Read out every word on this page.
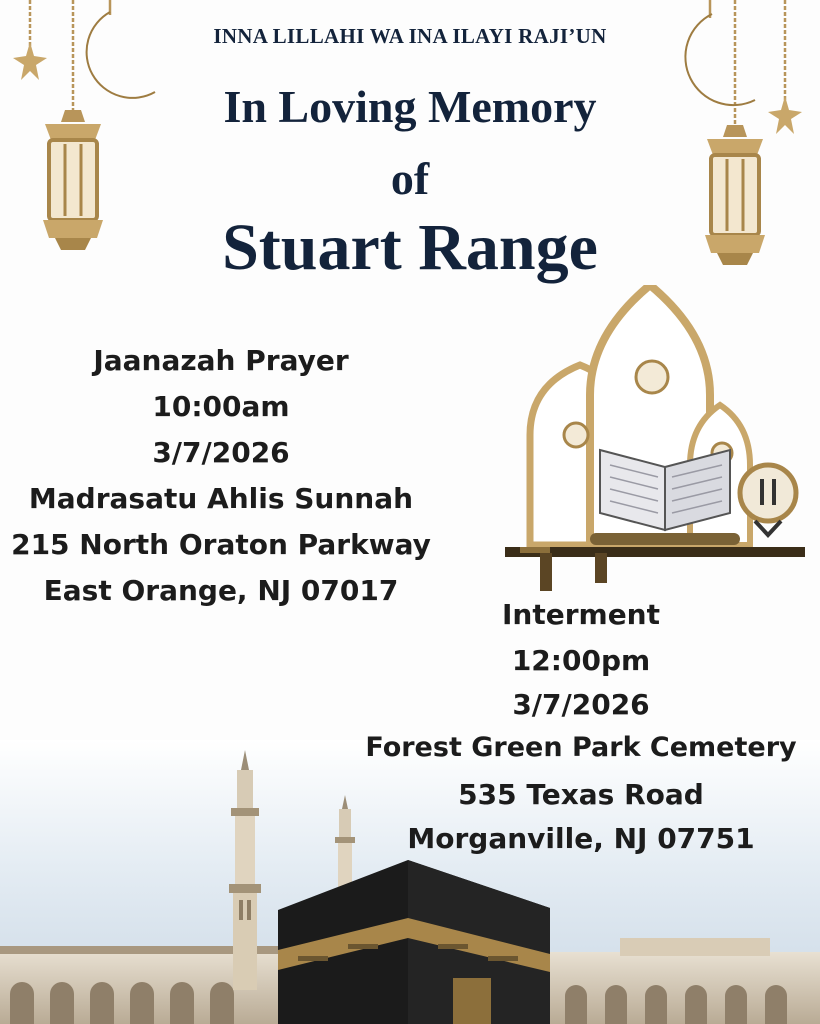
INNA LILLAHI WA INA ILAYI RAJI’UN
In Loving Memory
of
Stuart Range
Jaanazah Prayer
10:00am
3/7/2026
Madrasatu Ahlis Sunnah
215 North Oraton Parkway
East Orange, NJ 07017
Interment
12:00pm
3/7/2026
Forest Green Park Cemetery
535 Texas Road
Morganville, NJ 07751
